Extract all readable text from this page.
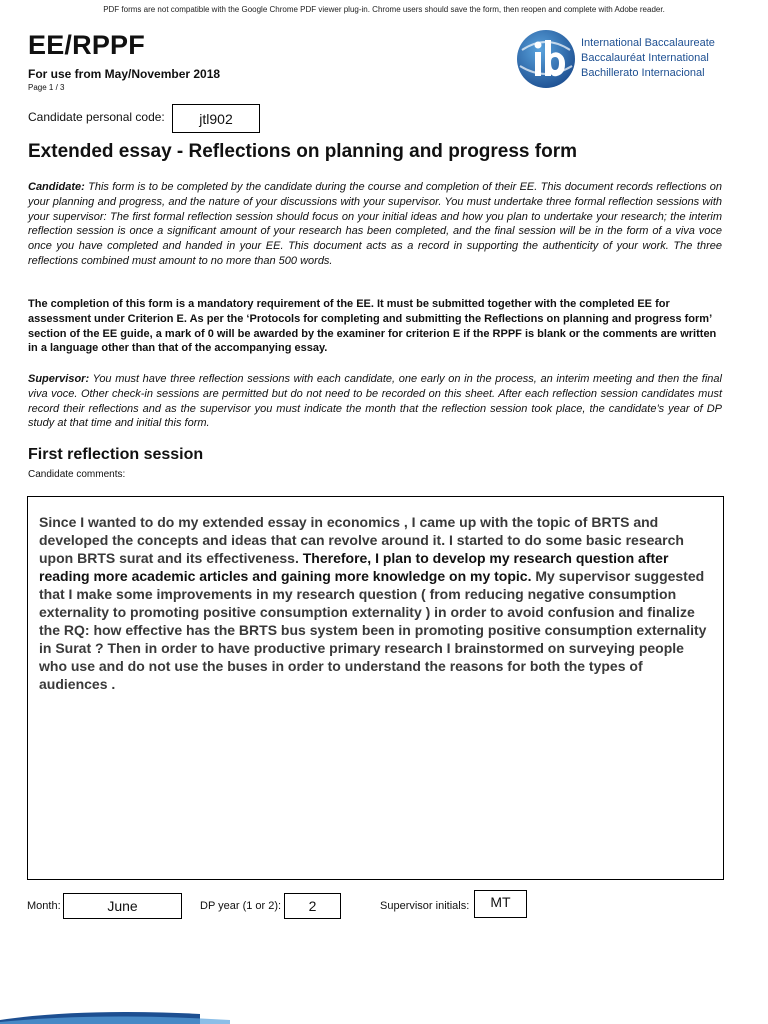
PDF forms are not compatible with the Google Chrome PDF viewer plug-in. Chrome users should save the form, then reopen and complete with Adobe reader.
EE/RPPF
For use from May/November 2018
Page 1 / 3
International Baccalaureate
Baccalauréat International
Bachillerato Internacional
Candidate personal code:	jtl902
Extended essay - Reflections on planning and progress form
Candidate: This form is to be completed by the candidate during the course and completion of their EE. This document records reflections on your planning and progress, and the nature of your discussions with your supervisor. You must undertake three formal reflection sessions with your supervisor: The first formal reflection session should focus on your initial ideas and how you plan to undertake your research; the interim reflection session is once a significant amount of your research has been completed, and the final session will be in the form of a viva voce once you have completed and handed in your EE. This document acts as a record in supporting the authenticity of your work. The three reflections combined must amount to no more than 500 words.
The completion of this form is a mandatory requirement of the EE. It must be submitted together with the completed EE for assessment under Criterion E. As per the ‘Protocols for completing and submitting the Reflections on planning and progress form’ section of the EE guide, a mark of 0 will be awarded by the examiner for criterion E if the RPPF is blank or the comments are written in a language other than that of the accompanying essay.
Supervisor: You must have three reflection sessions with each candidate, one early on in the process, an interim meeting and then the final viva voce. Other check-in sessions are permitted but do not need to be recorded on this sheet. After each reflection session candidates must record their reflections and as the supervisor you must indicate the month that the reflection session took place, the candidate’s year of DP study at that time and initial this form.
First reflection session
Candidate comments:
Since I wanted to do my extended essay in economics , I came up with the topic of BRTS and developed the concepts and ideas that can revolve around it. I started to do some basic research upon BRTS surat and its effectiveness. Therefore, I plan to develop my research question after reading more academic articles and gaining more knowledge on my topic. My supervisor suggested that I make some improvements in my research question ( from reducing negative consumption externality to promoting positive consumption externality ) in order to avoid confusion and finalize the RQ: how effective has the BRTS bus system been in promoting positive consumption externality in Surat ? Then in order to have productive primary research I brainstormed on surveying people who use and do not use the buses in order to understand the reasons for both the types of audiences .
Month:	June	DP year (1 or 2):	2	Supervisor initials:	MT
